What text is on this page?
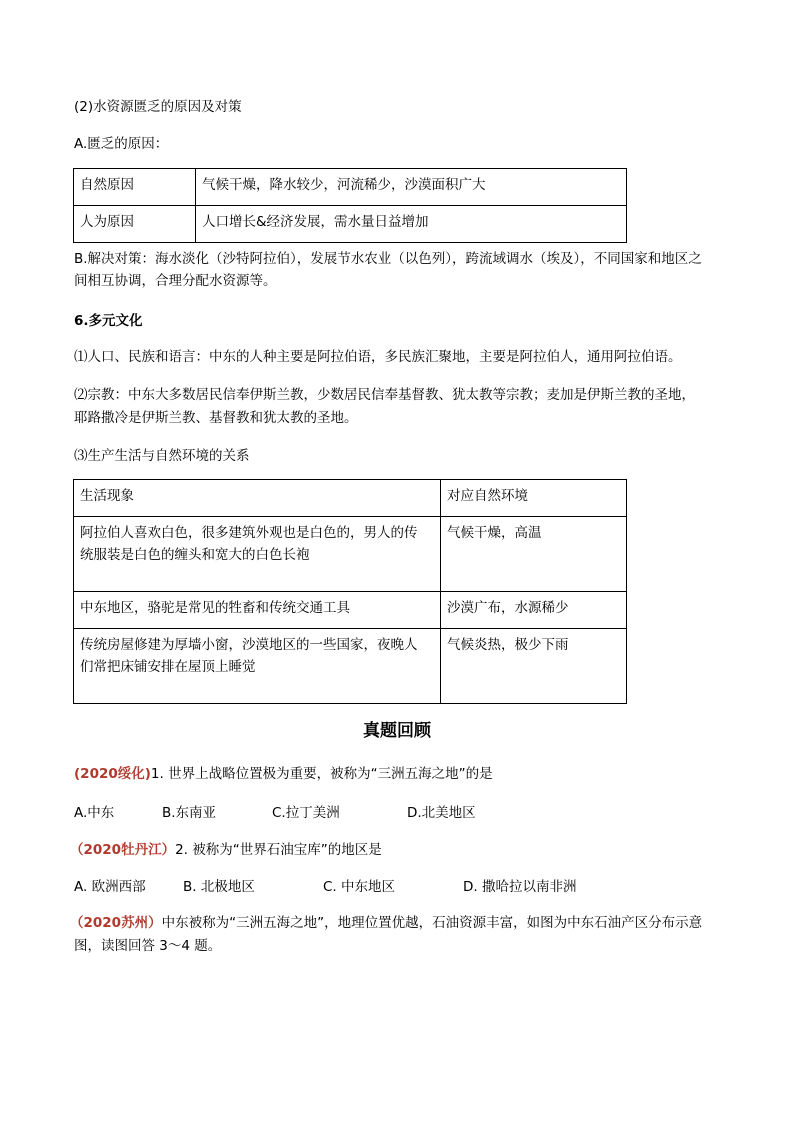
(2)水资源匮乏的原因及对策
A.匮乏的原因：
自然原因	气候干燥，降水较少，河流稀少，沙漠面积广大
人为原因	人口增长&经济发展，需水量日益增加
B.解决对策：海水淡化（沙特阿拉伯），发展节水农业（以色列），跨流域调水（埃及），不同国家和地区之
间相互协调，合理分配水资源等。
6.多元文化
⑴人口、民族和语言：中东的人种主要是阿拉伯语，多民族汇聚地，主要是阿拉伯人，通用阿拉伯语。
⑵宗教：中东大多数居民信奉伊斯兰教，少数居民信奉基督教、犹太教等宗教；麦加是伊斯兰教的圣地，
耶路撒冷是伊斯兰教、基督教和犹太教的圣地。
⑶生产生活与自然环境的关系
生活现象	对应自然环境

阿拉伯人喜欢白色，很多建筑外观也是白色的，男人的传
统服装是白色的缠头和宽大的白色长袍	气候干燥，高温
中东地区，骆驼是常见的牲畜和传统交通工具	沙漠广布，水源稀少

传统房屋修建为厚墙小窗，沙漠地区的一些国家，夜晚人
们常把床铺安排在屋顶上睡觉	气候炎热，极少下雨
真题回顾
(2020绥化)1. 世界上战略位置极为重要，被称为“三洲五海之地”的是
A.中东	B.东南亚	C.拉丁美洲	D.北美地区
（2020牡丹江）2. 被称为“世界石油宝库”的地区是
A. 欧洲西部	B. 北极地区	C. 中东地区	D. 撒哈拉以南非洲
（2020苏州）中东被称为“三洲五海之地”，地理位置优越，石油资源丰富，如图为中东石油产区分布示意
图，读图回答 3～4 题。
